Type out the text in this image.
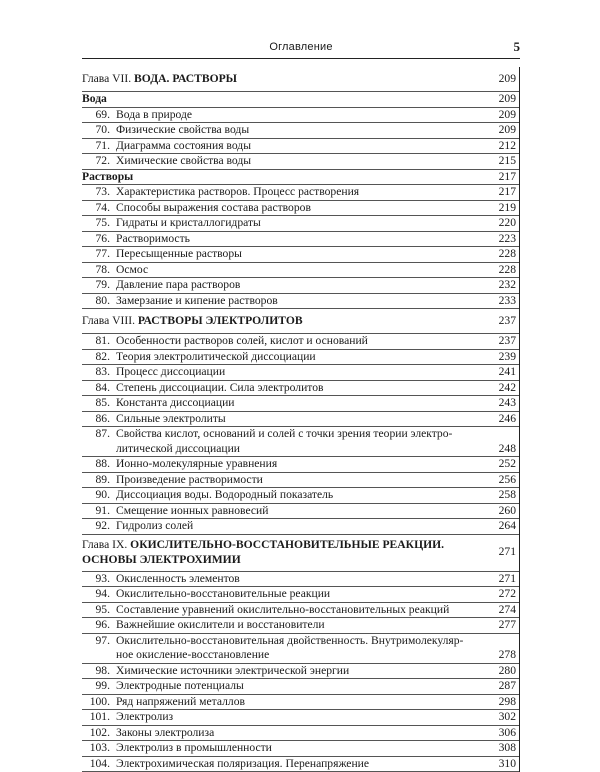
Оглавление	5
Глава VII. ВОДА. РАСТВОРЫ	209
Вода	209
69. Вода в природе	209
70. Физические свойства воды	209
71. Диаграмма состояния воды	212
72. Химические свойства воды	215
Растворы	217
73. Характеристика растворов. Процесс растворения	217
74. Способы выражения состава растворов	219
75. Гидраты и кристаллогидраты	220
76. Растворимость	223
77. Пересыщенные растворы	228
78. Осмос	228
79. Давление пара растворов	232
80. Замерзание и кипение растворов	233
Глава VIII. РАСТВОРЫ ЭЛЕКТРОЛИТОВ	237
81. Особенности растворов солей, кислот и оснований	237
82. Теория электролитической диссоциации	239
83. Процесс диссоциации	241
84. Степень диссоциации. Сила электролитов	242
85. Константа диссоциации	243
86. Сильные электролиты	246
87. Свойства кислот, оснований и солей с точки зрения теории электро-
литической диссоциации	248
88. Ионно-молекулярные уравнения	252
89. Произведение растворимости	256
90. Диссоциация воды. Водородный показатель	258
91. Смещение ионных равновесий	260
92. Гидролиз солей	264
Глава IX. ОКИСЛИТЕЛЬНО-ВОССТАНОВИТЕЛЬНЫЕ РЕАКЦИИ.
ОСНОВЫ ЭЛЕКТРОХИМИИ
271
93. Окисленность элементов	271
94. Окислительно-восстановительные реакции	272
95. Составление уравнений окислительно-восстановительных реакций	274
96. Важнейшие окислители и восстановители	277
97. Окислительно-восстановительная двойственность. Внутримолекуляр-
ное окисление-восстановление	278
98. Химические источники электрической энергии	280
99. Электродные потенциалы	287
100. Ряд напряжений металлов	298
101. Электролиз	302
102. Законы электролиза	306
103. Электролиз в промышленности	308
104. Электрохимическая поляризация. Перенапряжение	310
